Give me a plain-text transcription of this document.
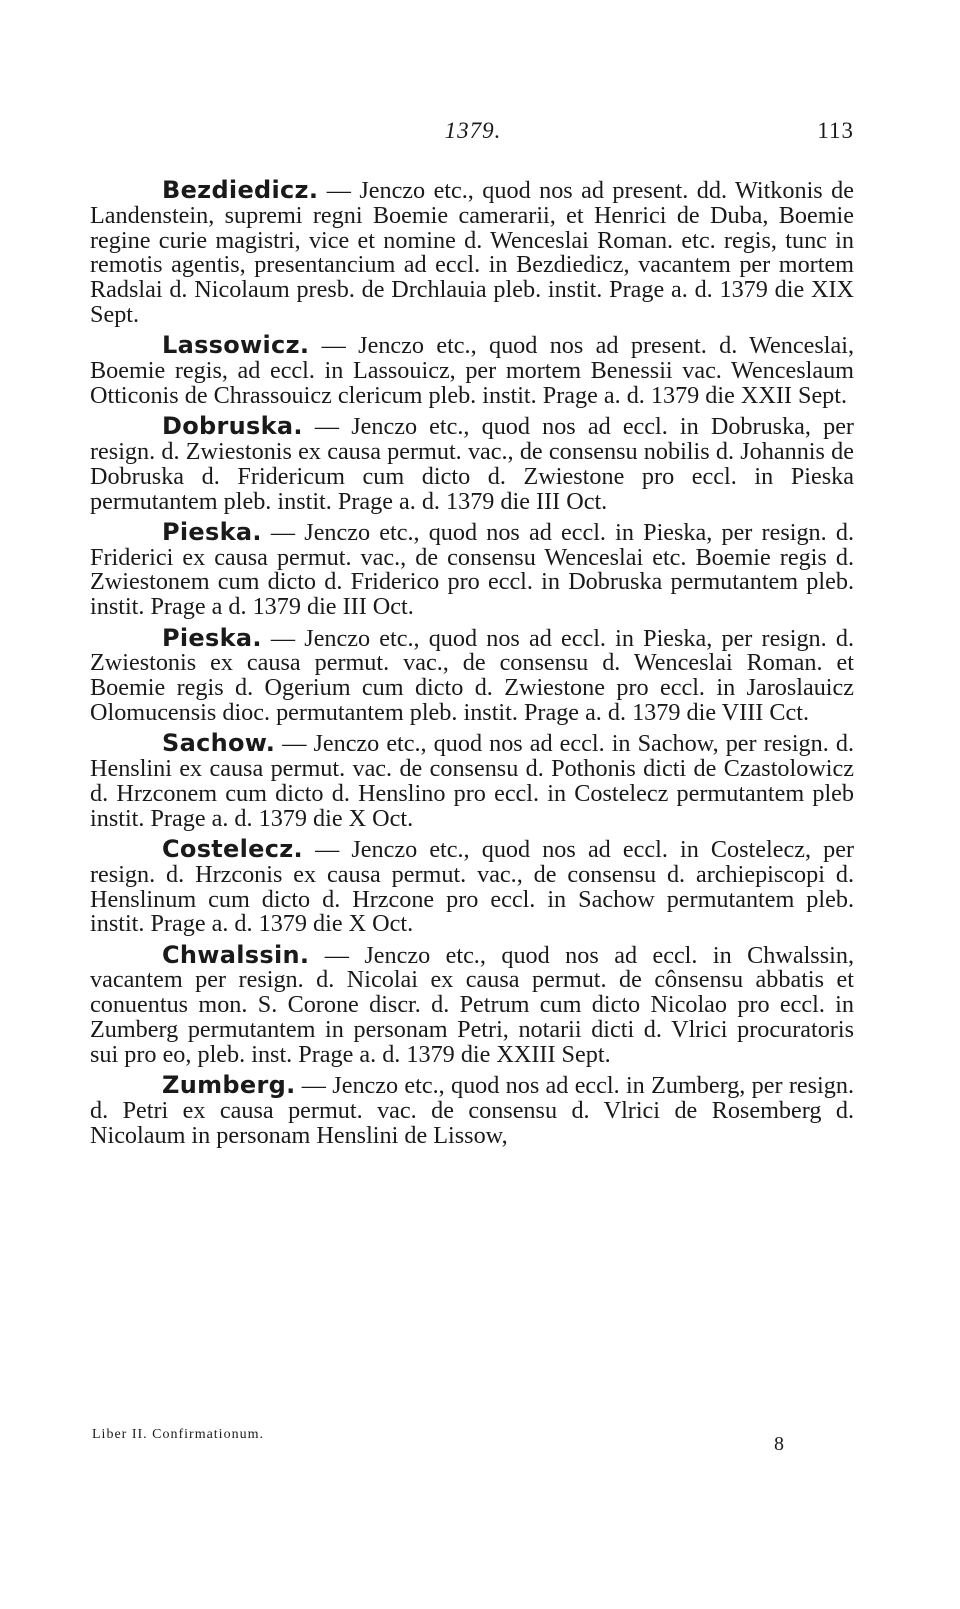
1379.	113

Bezdiedicz. — Jenczo etc., quod nos ad present. dd. Witkonis de Landenstein, supremi regni Boemie camerarii, et Henrici de Duba, Boemie regine curie magistri, vice et nomine d. Wenceslai Roman. etc. regis, tunc in remotis agentis, presentancium ad eccl. in Bezdiedicz, vacantem per mortem Radslai d. Nicolaum presb. de Drchlauia pleb. instit. Prage a. d. 1379 die XIX Sept.

Lassowicz. — Jenczo etc., quod nos ad present. d. Wenceslai, Boemie regis, ad eccl. in Lassouicz, per mortem Benessii vac. Wenceslaum Otticonis de Chrassouicz clericum pleb. instit. Prage a. d. 1379 die XXII Sept.

Dobruska. — Jenczo etc., quod nos ad eccl. in Dobruska, per resign. d. Zwiestonis ex causa permut. vac., de consensu nobilis d. Johannis de Dobruska d. Fridericum cum dicto d. Zwiestone pro eccl. in Pieska permutantem pleb. instit. Prage a. d. 1379 die III Oct.

Pieska. — Jenczo etc., quod nos ad eccl. in Pieska, per resign. d. Friderici ex causa permut. vac., de consensu Wenceslai etc. Boemie regis d. Zwiestonem cum dicto d. Friderico pro eccl. in Dobruska permutantem pleb. instit. Prage a d. 1379 die III Oct.

Pieska. — Jenczo etc., quod nos ad eccl. in Pieska, per resign. d. Zwiestonis ex causa permut. vac., de consensu d. Wenceslai Roman. et Boemie regis d. Ogerium cum dicto d. Zwiestone pro eccl. in Jaroslauicz Olomucensis dioc. permutantem pleb. instit. Prage a. d. 1379 die VIII Cct.

Sachow. — Jenczo etc., quod nos ad eccl. in Sachow, per resign. d. Henslini ex causa permut. vac. de consensu d. Pothonis dicti de Czastolowicz d. Hrzconem cum dicto d. Henslino pro eccl. in Costelecz permutantem pleb instit. Prage a. d. 1379 die X Oct.

Costelecz. — Jenczo etc., quod nos ad eccl. in Costelecz, per resign. d. Hrzconis ex causa permut. vac., de consensu d. archiepiscopi d. Henslinum cum dicto d. Hrzcone pro eccl. in Sachow permutantem pleb. instit. Prage a. d. 1379 die X Oct.

Chwalssin. — Jenczo etc., quod nos ad eccl. in Chwalssin, vacantem per resign. d. Nicolai ex causa permut. de cônsensu abbatis et conuentus mon. S. Corone discr. d. Petrum cum dicto Nicolao pro eccl. in Zumberg permutantem in personam Petri, notarii dicti d. Vlrici procuratoris sui pro eo, pleb. inst. Prage a. d. 1379 die XXIII Sept.

Zumberg. — Jenczo etc., quod nos ad eccl. in Zumberg, per resign. d. Petri ex causa permut. vac. de consensu d. Vlrici de Rosemberg d. Nicolaum in personam Henslini de Lissow,

Liber II. Confirmationum.	8
